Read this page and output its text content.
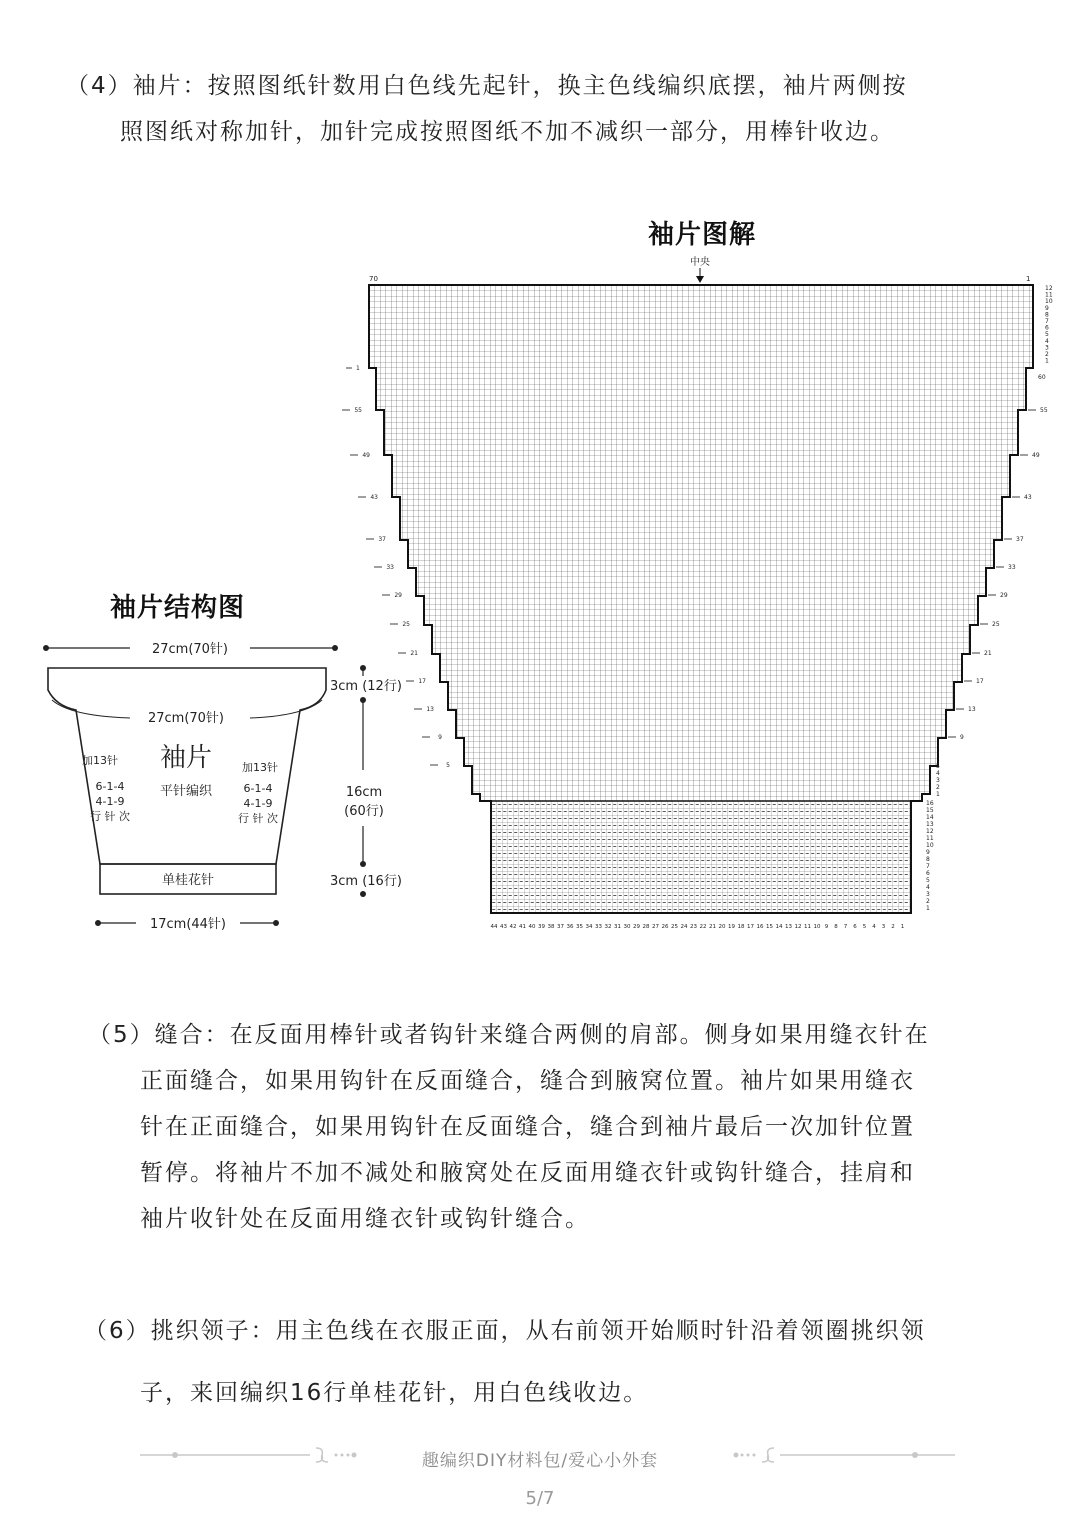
（4）袖片：按照图纸针数用白色线先起针，换主色线编织底摆，袖片两侧按

照图纸对称加针，加针完成按照图纸不加不减织一部分，用棒针收边。

袖片图解
中央
70	1
12
11
10
9
8
7
6
5
4
3
2
1
60
1
55	55
49	49
43	43
37	37
33	33
29	29
25	25
21	21
17	17
13	13
9	9
5	5
4
3
2
1
16
15
14
13
12
11
10
9
8
7
6
5
4
3
2
1
44 43 42 41 40 39 38 37 36 35 34 33 32 31 30 29 28 27 26 25 24 23 22 21 20 19 18 17 16 15 14 13 12 11 10 9 8 7 6 5 4 3 2 1
袖片结构图
27cm(70针)
27cm(70针)
袖片
平针编织
加13针
6-1-4
4-1-9
行 针 次
加13针
6-1-4
4-1-9
行 针 次
单桂花针
17cm(44针)
3cm (12行)
16cm
(60行)
3cm (16行)

（5）缝合：在反面用棒针或者钩针来缝合两侧的肩部。侧身如果用缝衣针在

正面缝合，如果用钩针在反面缝合，缝合到腋窝位置。袖片如果用缝衣

针在正面缝合，如果用钩针在反面缝合，缝合到袖片最后一次加针位置

暂停。将袖片不加不减处和腋窝处在反面用缝衣针或钩针缝合，挂肩和

袖片收针处在反面用缝衣针或钩针缝合。

（6）挑织领子：用主色线在衣服正面，从右前领开始顺时针沿着领圈挑织领

子，来回编织16行单桂花针，用白色线收边。

趣编织DIY材料包/爱心小外套
5/7
